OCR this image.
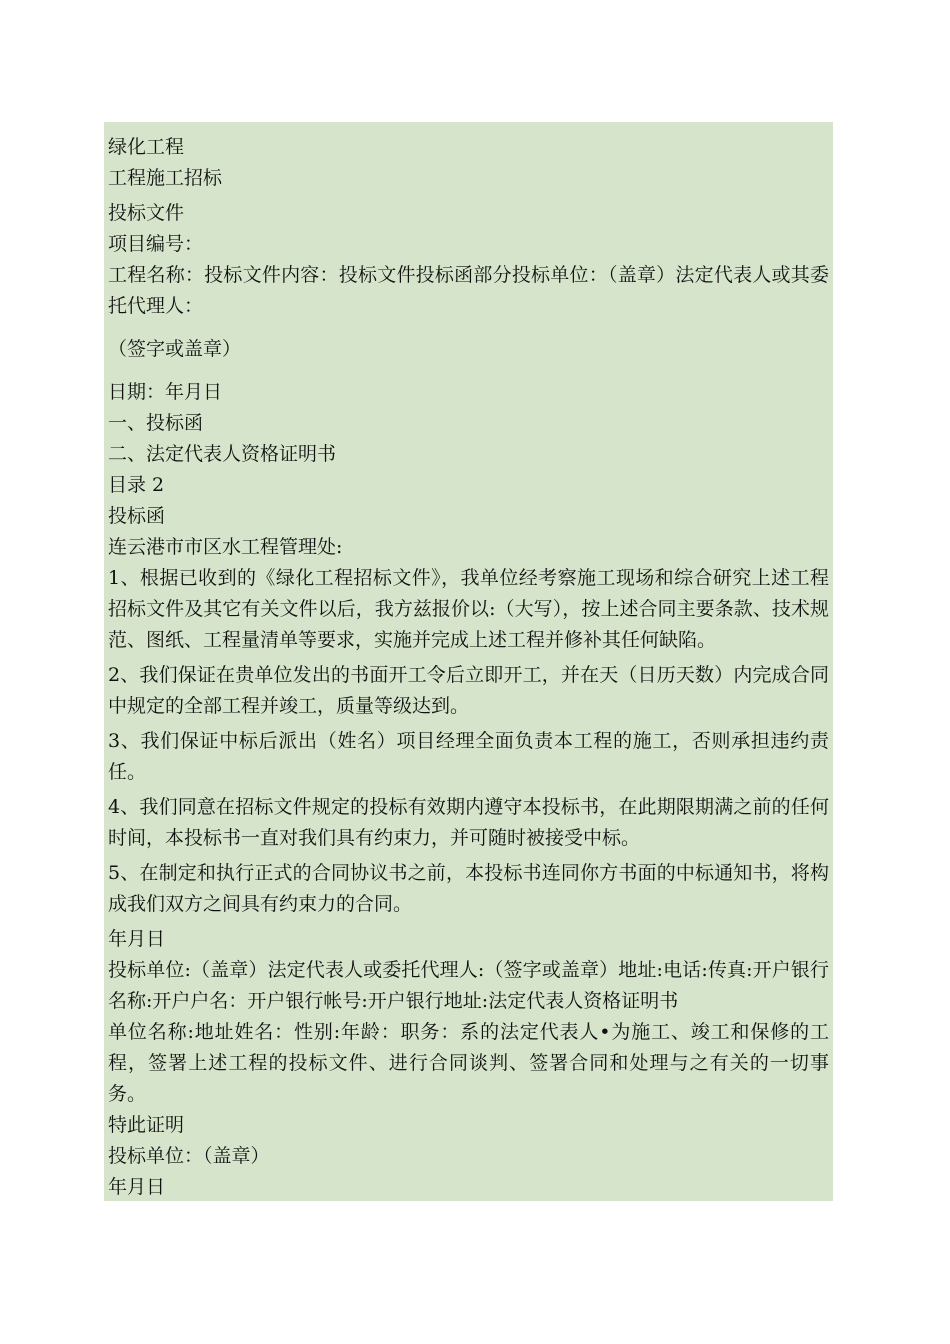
绿化工程

工程施工招标

投标文件

项目编号：

工程名称：投标文件内容：投标文件投标函部分投标单位：（盖章）法定代表人或其委托代理人：

（签字或盖章）

日期：年月日

一、投标函

二、法定代表人资格证明书

目录 2

投标函

连云港市市区水工程管理处:

1、根据已收到的《绿化工程招标文件》，我单位经考察施工现场和综合研究上述工程招标文件及其它有关文件以后，我方兹报价以:（大写），按上述合同主要条款、技术规范、图纸、工程量清单等要求，实施并完成上述工程并修补其任何缺陷。

2、我们保证在贵单位发出的书面开工令后立即开工，并在天（日历天数）内完成合同中规定的全部工程并竣工，质量等级达到。

3、我们保证中标后派出（姓名）项目经理全面负责本工程的施工，否则承担违约责任。

4、我们同意在招标文件规定的投标有效期内遵守本投标书，在此期限期满之前的任何时间，本投标书一直对我们具有约束力，并可随时被接受中标。

5、在制定和执行正式的合同协议书之前，本投标书连同你方书面的中标通知书，将构成我们双方之间具有约束力的合同。

年月日

投标单位:（盖章）法定代表人或委托代理人:（签字或盖章）地址:电话:传真:开户银行名称:开户户名：开户银行帐号:开户银行地址:法定代表人资格证明书

单位名称:地址姓名：性别:年龄：职务：系的法定代表人•为施工、竣工和保修的工程，签署上述工程的投标文件、进行合同谈判、签署合同和处理与之有关的一切事务。

特此证明

投标单位：（盖章）

年月日
